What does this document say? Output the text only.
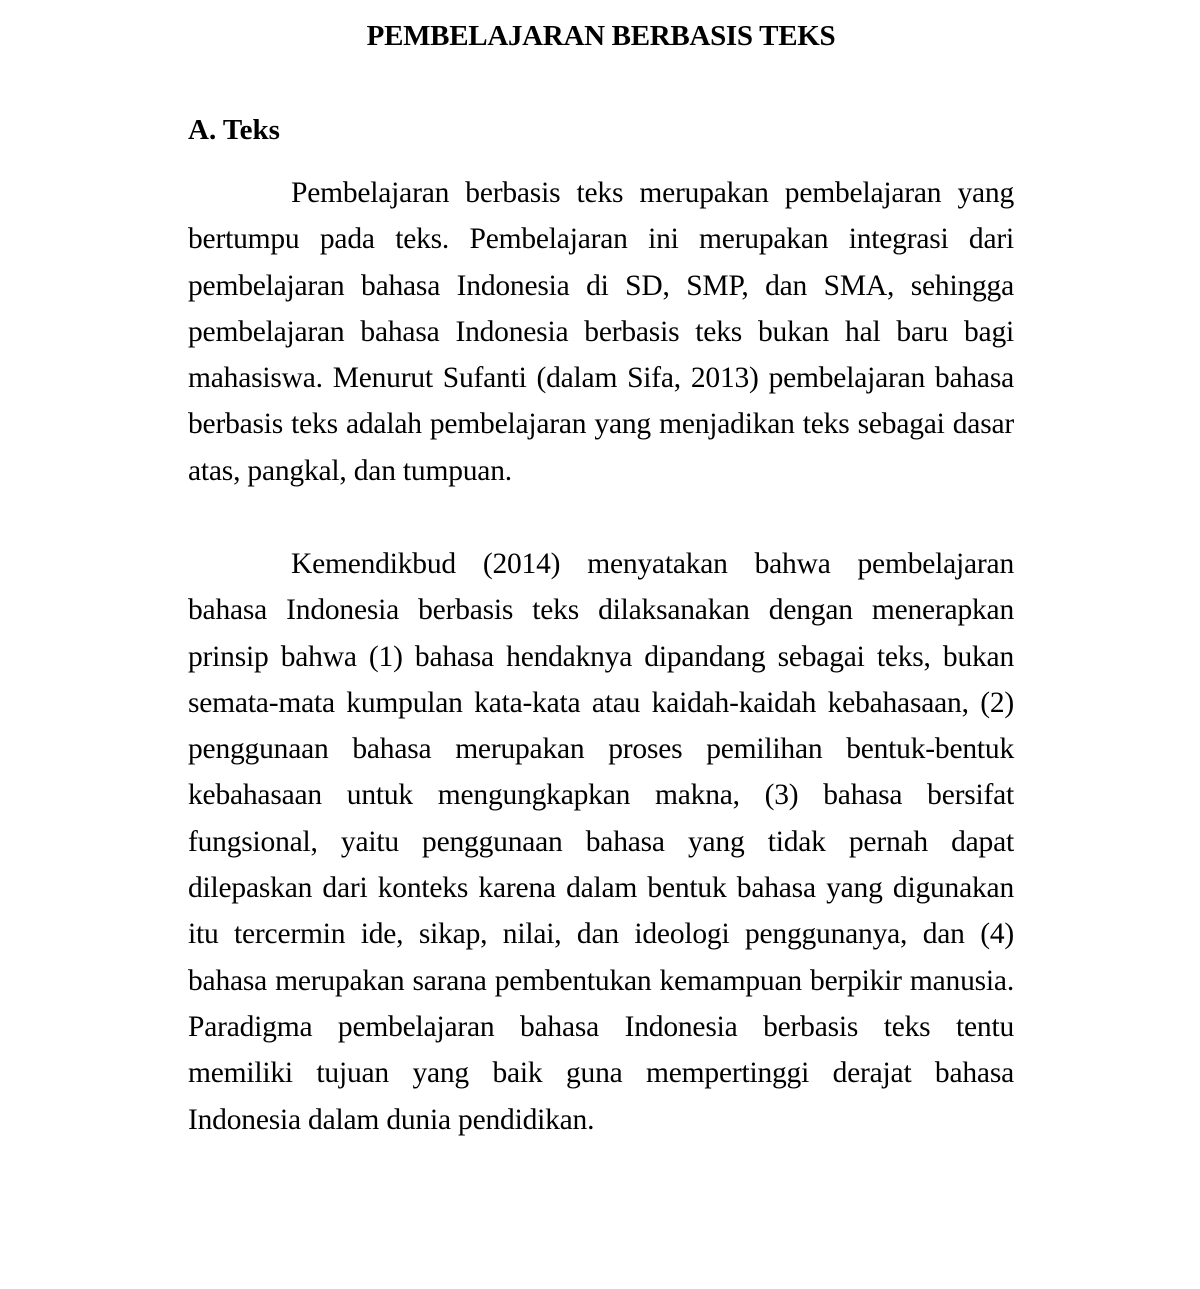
PEMBELAJARAN BERBASIS TEKS
A. Teks

Pembelajaran berbasis teks merupakan pembelajaran yang bertumpu pada teks. Pembelajaran ini merupakan integrasi dari pembelajaran bahasa Indonesia di SD, SMP, dan SMA, sehingga pembelajaran bahasa Indonesia berbasis teks bukan hal baru bagi mahasiswa. Menurut Sufanti (dalam Sifa, 2013) pembelajaran bahasa berbasis teks adalah pembelajaran yang menjadikan teks sebagai dasar atas, pangkal, dan tumpuan.

Kemendikbud (2014) menyatakan bahwa pembelajaran bahasa Indonesia berbasis teks dilaksanakan dengan menerapkan prinsip bahwa (1) bahasa hendaknya dipandang sebagai teks, bukan semata-mata kumpulan kata-kata atau kaidah-kaidah kebahasaan, (2) penggunaan bahasa merupakan proses pemilihan bentuk-bentuk kebahasaan untuk mengungkapkan makna, (3) bahasa bersifat fungsional, yaitu penggunaan bahasa yang tidak pernah dapat dilepaskan dari konteks karena dalam bentuk bahasa yang digunakan itu tercermin ide, sikap, nilai, dan ideologi penggunanya, dan (4) bahasa merupakan sarana pembentukan kemampuan berpikir manusia. Paradigma pembelajaran bahasa Indonesia berbasis teks tentu memiliki tujuan yang baik guna mempertinggi derajat bahasa Indonesia dalam dunia pendidikan.
